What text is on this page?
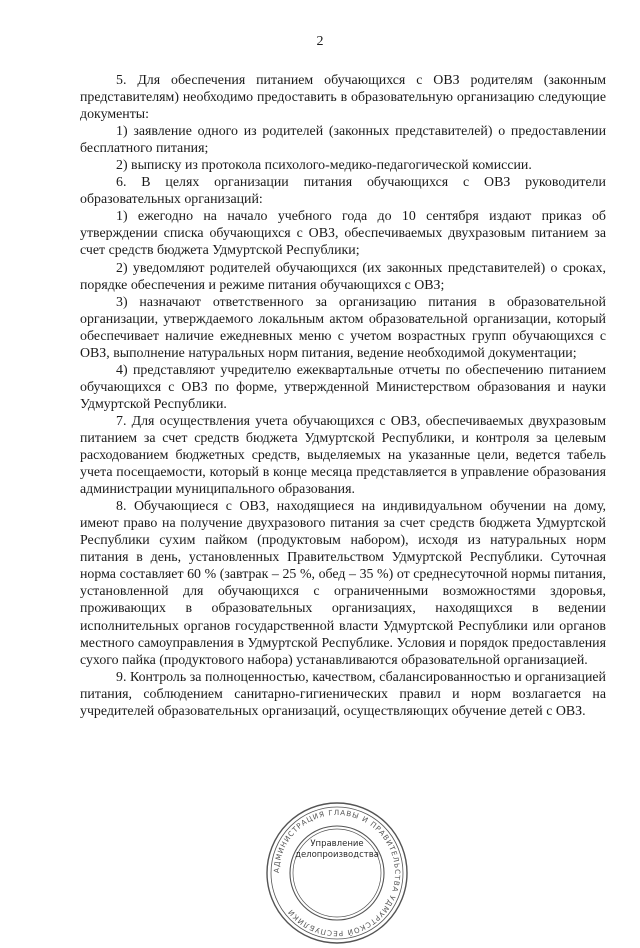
2

5. Для обеспечения питанием обучающихся с ОВЗ родителям (законным представителям) необходимо предоставить в образовательную организацию следующие документы:

1) заявление одного из родителей (законных представителей) о предоставлении бесплатного питания;

2) выписку из протокола психолого-медико-педагогической комиссии.

6. В целях организации питания обучающихся с ОВЗ руководители образовательных организаций:

1) ежегодно на начало учебного года до 10 сентября издают приказ об утверждении списка обучающихся с ОВЗ, обеспечиваемых двухразовым питанием за счет средств бюджета Удмуртской Республики;

2) уведомляют родителей обучающихся (их законных представителей) о сроках, порядке обеспечения и режиме питания обучающихся с ОВЗ;

3) назначают ответственного за организацию питания в образовательной организации, утверждаемого локальным актом образовательной организации, который обеспечивает наличие ежедневных меню с учетом возрастных групп обучающихся с ОВЗ, выполнение натуральных норм питания, ведение необходимой документации;

4) представляют учредителю ежеквартальные отчеты по обеспечению питанием обучающихся с ОВЗ по форме, утвержденной Министерством образования и науки Удмуртской Республики.

7. Для осуществления учета обучающихся с ОВЗ, обеспечиваемых двухразовым питанием за счет средств бюджета Удмуртской Республики, и контроля за целевым расходованием бюджетных средств, выделяемых на указанные цели, ведется табель учета посещаемости, который в конце месяца представляется в управление образования администрации муниципального образования.

8. Обучающиеся с ОВЗ, находящиеся на индивидуальном обучении на дому, имеют право на получение двухразового питания за счет средств бюджета Удмуртской Республики сухим пайком (продуктовым набором), исходя из натуральных норм питания в день, установленных Правительством Удмуртской Республики. Суточная норма составляет 60 % (завтрак – 25 %, обед – 35 %) от среднесуточной нормы питания, установленной для обучающихся с ограниченными возможностями здоровья, проживающих в образовательных организациях, находящихся в ведении исполнительных органов государственной власти Удмуртской Республики или органов местного самоуправления в Удмуртской Республике. Условия и порядок предоставления сухого пайка (продуктового набора) устанавливаются образовательной организацией.

9. Контроль за полноценностью, качеством, сбалансированностью и организацией питания, соблюдением санитарно-гигиенических правил и норм возлагается на учредителей образовательных организаций, осуществляющих обучение детей с ОВЗ.

АДМИНИСТРАЦИЯ ГЛАВЫ И ПРАВИТЕЛЬСТВА УДМУРТСКОЙ РЕСПУБЛИКИ
Управление
делопроизводства
